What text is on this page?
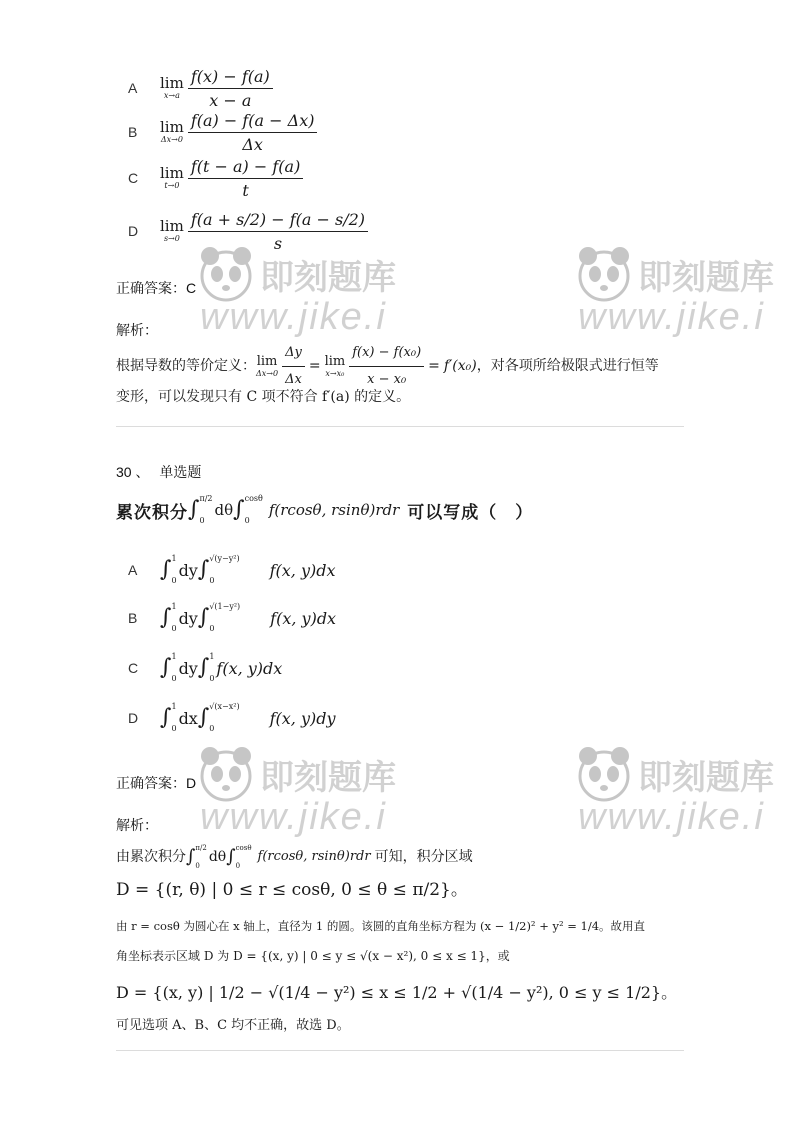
A	lim
$x\to a \frac{f(x) - f(a)}{x - a}$
B	lim
$\Delta x\to 0 \frac{f(a) - f(a - \Delta x)}{\Delta x}$
C	lim
$t\to 0 \frac{f(t - a) - f(a)}{t}$
D	lim
$s\to 0 \frac{f(a + s/2) - f(a - s/2)}{s}$
正确答案：C
解析：
根据导数的等价定义： lim
$\Delta x\to 0 \frac{\Delta y}{\Delta x} = \lim$
$x\to x_0 \frac{\text{f(x) − f(x₀)}}{\text{x − x₀}} = f'(x_0)$ ，对各项所给极限式进行恒等
变形，可以发现只有 C 项不符合 f′(a) 的定义。
30 、 单选题
累次积分 ∫ π/2
0
dθ ∫ cosθ
0
f(rcosθ, rsinθ)rdr 可以写成（　）
A	∫ 1
0
dy ∫ √(y−y²)
0
f(x, y)dx
B	∫ 1
0
dy ∫ √(1−y²)
0
f(x, y)dx
C ∫ 1
0
dy ∫ 1
0
f(x, y)dx
D ∫ 1
0
dx ∫ √(x−x²)
0
f(x, y)dy
正确答案：D
解析：
由累次积分 ∫ π/2
0
dθ ∫ cosθ
0
f(rcosθ, rsinθ)rdr 可知，积分区域
D = {(r, θ) | 0 ≤ r ≤ cosθ, 0 ≤ θ ≤ π/2}。
由 r = cosθ 为圆心在 x 轴上，直径为 1 的圆。该圆的直角坐标方程为 (x − 1/2)² + y² = 1/4。故用直
角坐标表示区域 D 为 D = {(x, y) | 0 ≤ y ≤ √(x − x²), 0 ≤ x ≤ 1}，或
D = {(x, y) | 1/2 − √(1/4 − y²) ≤ x ≤ 1/2 + √(1/4 − y²), 0 ≤ y ≤ 1/2}。
可见选项 A、B、C 均不正确，故选 D。
即刻题库
www.jike.i
即刻题库
www.jike.i
即刻题库
www.jike.i
即刻题库
www.jike.i
